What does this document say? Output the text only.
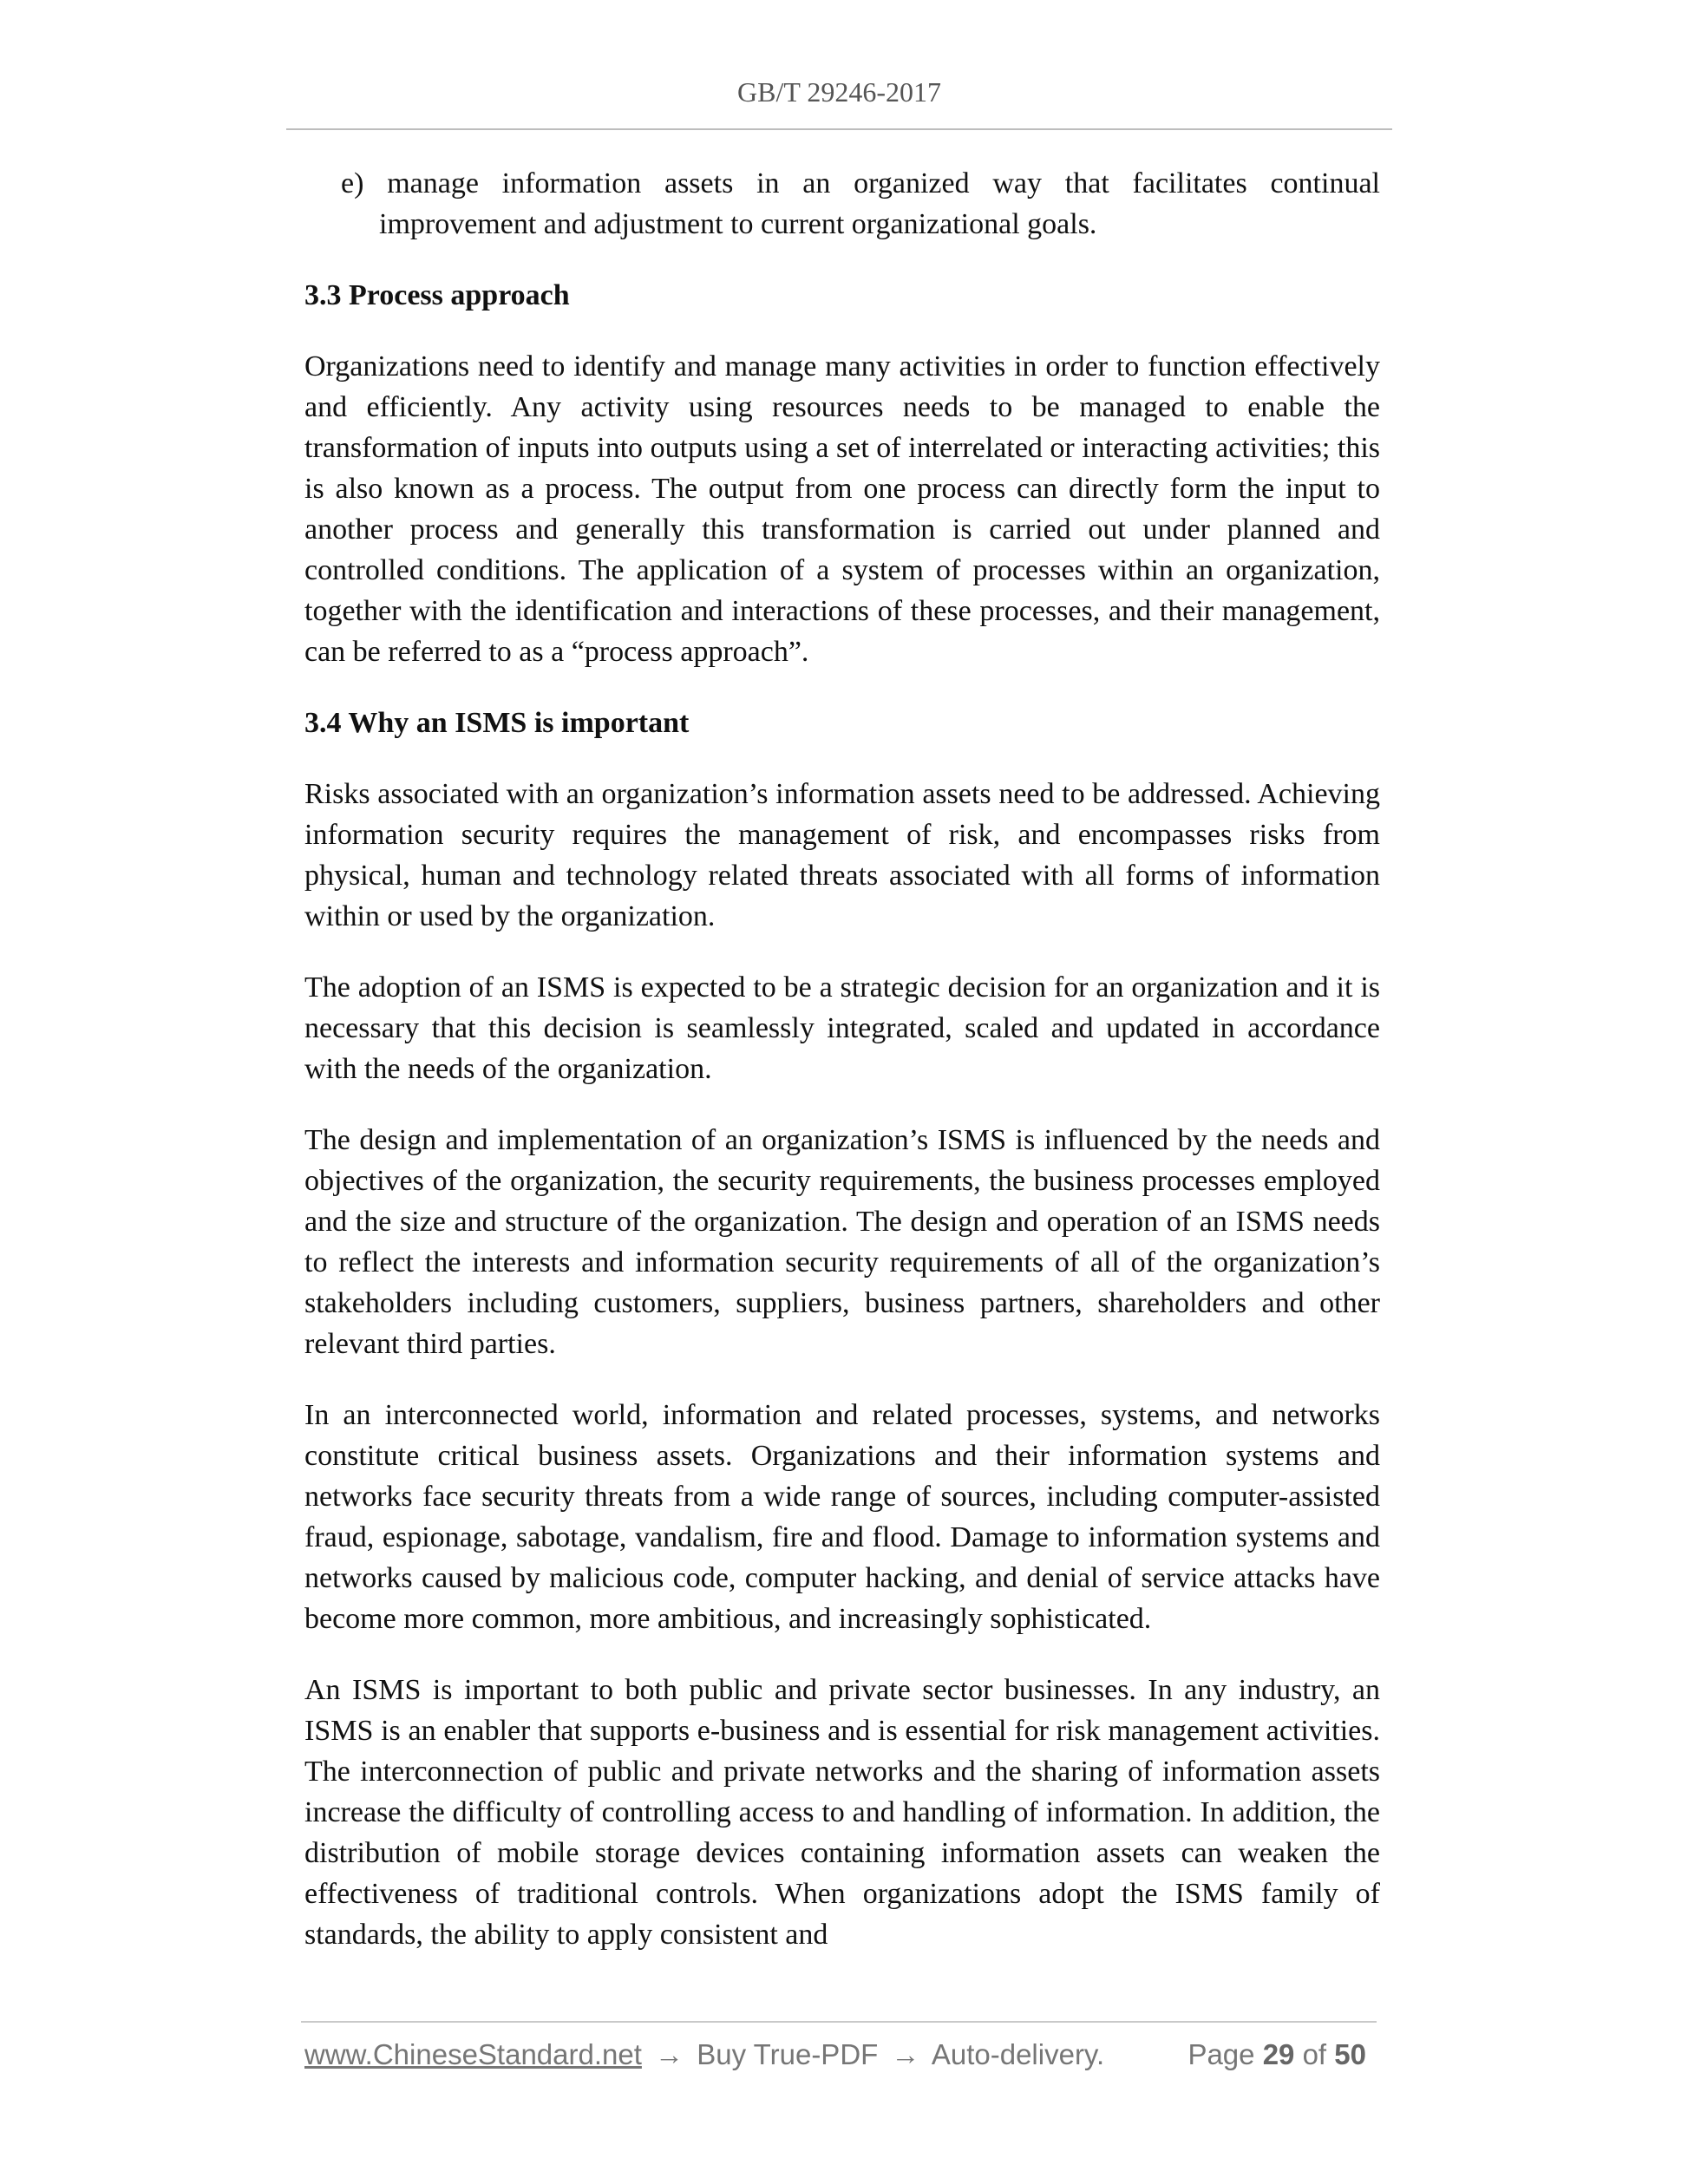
GB/T 29246-2017

e) manage information assets in an organized way that facilitates continual improvement and adjustment to current organizational goals.

3.3 Process approach

Organizations need to identify and manage many activities in order to function effectively and efficiently. Any activity using resources needs to be managed to enable the transformation of inputs into outputs using a set of interrelated or interacting activities; this is also known as a process. The output from one process can directly form the input to another process and generally this transformation is carried out under planned and controlled conditions. The application of a system of processes within an organization, together with the identification and interactions of these processes, and their management, can be referred to as a “process approach”.

3.4 Why an ISMS is important

Risks associated with an organization’s information assets need to be addressed. Achieving information security requires the management of risk, and encompasses risks from physical, human and technology related threats associated with all forms of information within or used by the organization.

The adoption of an ISMS is expected to be a strategic decision for an organization and it is necessary that this decision is seamlessly integrated, scaled and updated in accordance with the needs of the organization.

The design and implementation of an organization’s ISMS is influenced by the needs and objectives of the organization, the security requirements, the business processes employed and the size and structure of the organization. The design and operation of an ISMS needs to reflect the interests and information security requirements of all of the organization’s stakeholders including customers, suppliers, business partners, shareholders and other relevant third parties.

In an interconnected world, information and related processes, systems, and networks constitute critical business assets. Organizations and their information systems and networks face security threats from a wide range of sources, including computer-assisted fraud, espionage, sabotage, vandalism, fire and flood. Damage to information systems and networks caused by malicious code, computer hacking, and denial of service attacks have become more common, more ambitious, and increasingly sophisticated.

An ISMS is important to both public and private sector businesses. In any industry, an ISMS is an enabler that supports e-business and is essential for risk management activities. The interconnection of public and private networks and the sharing of information assets increase the difficulty of controlling access to and handling of information. In addition, the distribution of mobile storage devices containing information assets can weaken the effectiveness of traditional controls. When organizations adopt the ISMS family of standards, the ability to apply consistent and

www.ChineseStandard.net → Buy True-PDF → Auto-delivery.	Page 29 of 50
